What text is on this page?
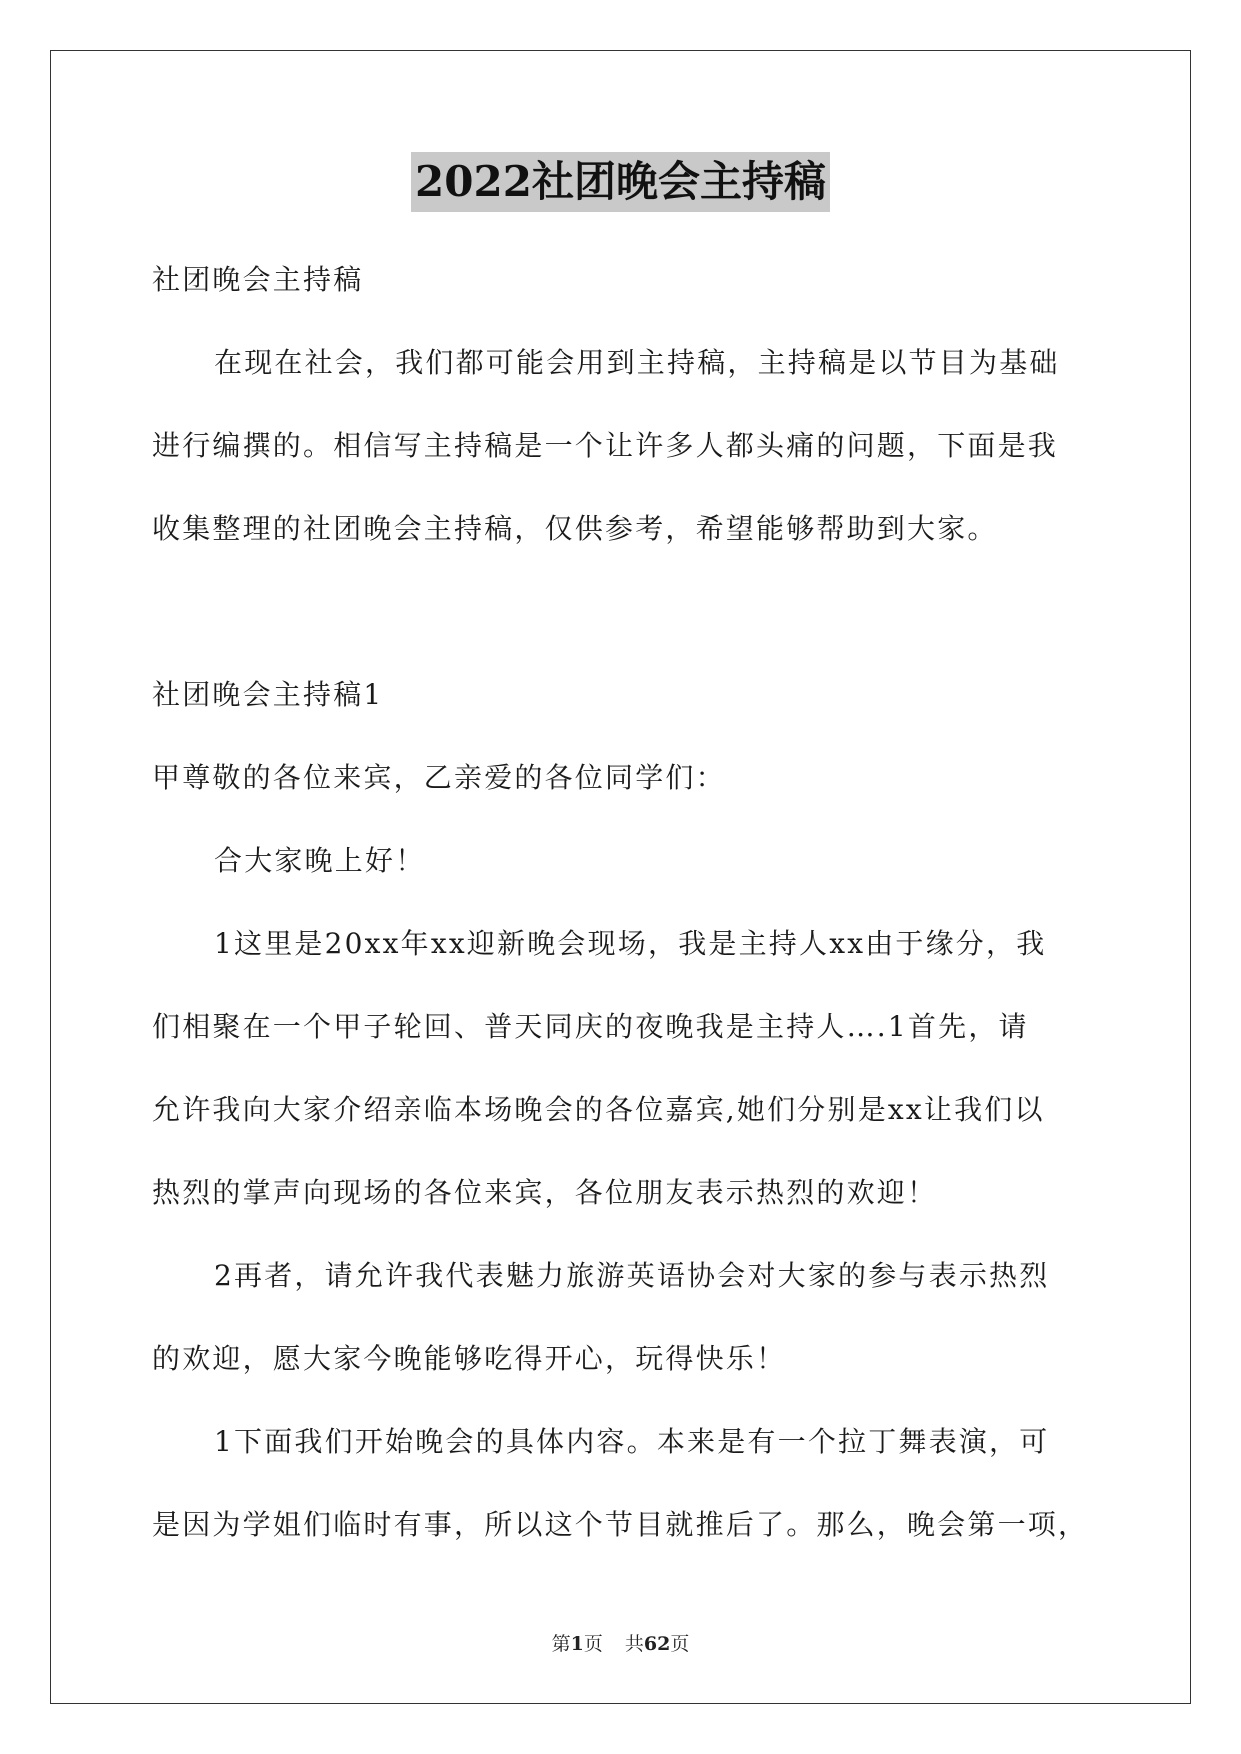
2022社团晚会主持稿
社团晚会主持稿
在现在社会，我们都可能会用到主持稿，主持稿是以节目为基础
进行编撰的。相信写主持稿是一个让许多人都头痛的问题，下面是我
收集整理的社团晚会主持稿，仅供参考，希望能够帮助到大家。
社团晚会主持稿1
甲尊敬的各位来宾，乙亲爱的各位同学们：
合大家晚上好！
1这里是20xx年xx迎新晚会现场，我是主持人xx由于缘分，我
们相聚在一个甲子轮回、普天同庆的夜晚我是主持人….1首先，请
允许我向大家介绍亲临本场晚会的各位嘉宾,她们分别是xx让我们以
热烈的掌声向现场的各位来宾，各位朋友表示热烈的欢迎！
2再者，请允许我代表魅力旅游英语协会对大家的参与表示热烈
的欢迎，愿大家今晚能够吃得开心，玩得快乐！
1下面我们开始晚会的具体内容。本来是有一个拉丁舞表演，可
是因为学姐们临时有事，所以这个节目就推后了。那么，晚会第一项，
第1页 共62页
